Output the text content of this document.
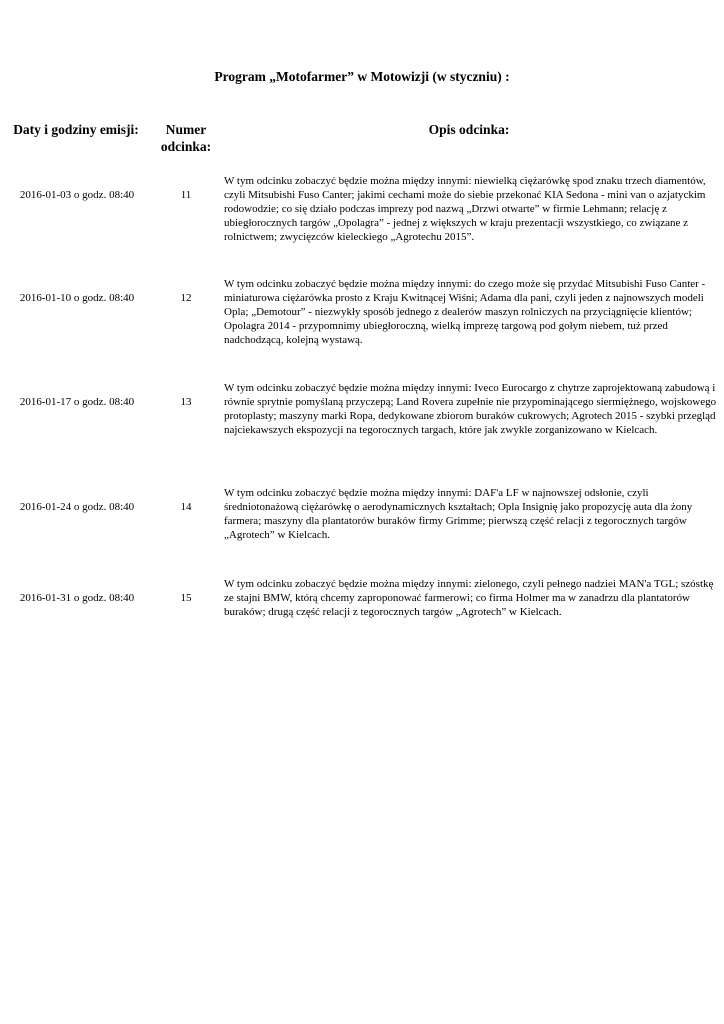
Program „Motofarmer” w Motowizji (w styczniu) :
Daty i godziny emisji:	Numer odcinka:
Opis odcinka:
2016-01-03 o godz. 08:40	11
W tym odcinku zobaczyć będzie można między innymi: niewielką ciężarówkę spod znaku trzech diamentów, czyli Mitsubishi Fuso Canter; jakimi cechami może do siebie przekonać KIA Sedona - mini van o azjatyckim rodowodzie; co się działo podczas imprezy pod nazwą „Drzwi otwarte” w firmie Lehmann; relację z ubiegłorocznych targów „Opolagra” - jednej z większych w kraju prezentacji wszystkiego, co związane z rolnictwem; zwycięzców kieleckiego „Agrotechu 2015”.
2016-01-10 o godz. 08:40	12
W tym odcinku zobaczyć będzie można między innymi: do czego może się przydać Mitsubishi Fuso Canter - miniaturowa ciężarówka prosto z Kraju Kwitnącej Wiśni; Adama dla pani, czyli jeden z najnowszych modeli Opla; „Demotour” - niezwykły sposób jednego z dealerów maszyn rolniczych na przyciągnięcie klientów; Opolagra 2014 - przypomnimy ubiegłoroczną, wielką imprezę targową pod gołym niebem, tuż przed nadchodzącą, kolejną wystawą.
2016-01-17 o godz. 08:40	13
W tym odcinku zobaczyć będzie można między innymi: Iveco Eurocargo z chytrze zaprojektowaną zabudową i równie sprytnie pomyślaną przyczepą; Land Rovera zupełnie nie przypominającego siermiężnego, wojskowego protoplasty; maszyny marki Ropa, dedykowane zbiorom buraków cukrowych; Agrotech 2015 - szybki przegląd najciekawszych ekspozycji na tegorocznych targach, które jak zwykle zorganizowano w Kielcach.
2016-01-24 o godz. 08:40	14
W tym odcinku zobaczyć będzie można między innymi: DAF'a LF w najnowszej odsłonie, czyli średniotonażową ciężarówkę o aerodynamicznych kształtach; Opla Insignię jako propozycję auta dla żony farmera; maszyny dla plantatorów buraków firmy Grimme; pierwszą część relacji z tegorocznych targów „Agrotech” w Kielcach.
2016-01-31 o godz. 08:40	15
W tym odcinku zobaczyć będzie można między innymi: zielonego, czyli pełnego nadziei MAN'a TGL; szóstkę ze stajni BMW, którą chcemy zaproponować farmerowi; co firma Holmer ma w zanadrzu dla plantatorów buraków; drugą część relacji z tegorocznych targów „Agrotech” w Kielcach.
